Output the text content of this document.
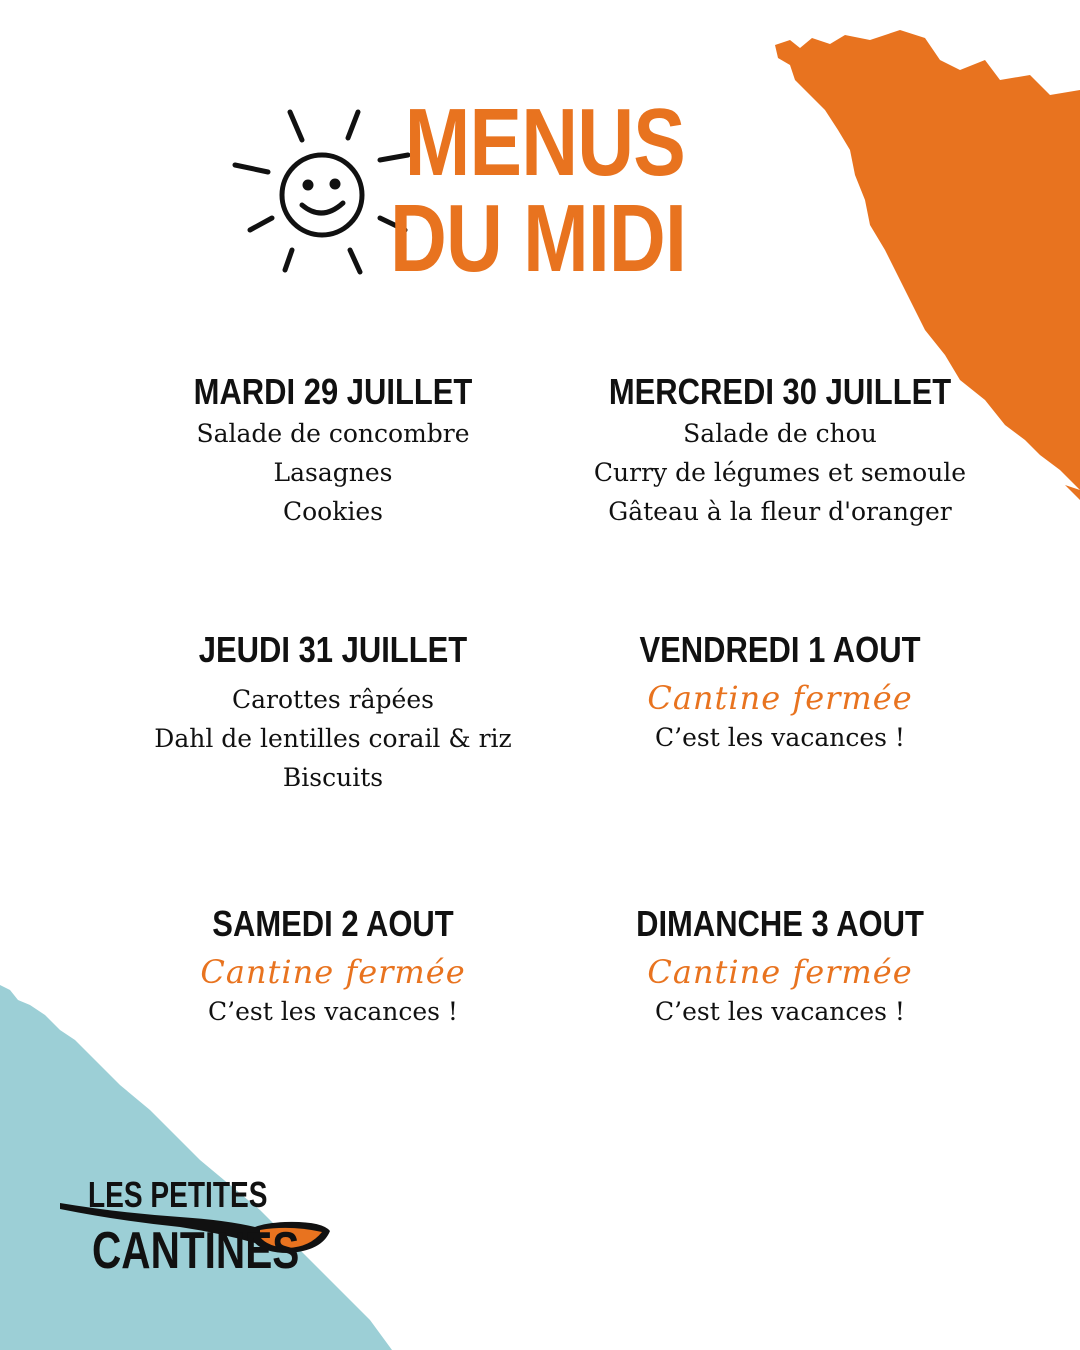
MENUS
DU MIDI
MARDI 29 JUILLET
Salade de concombre
Lasagnes
Cookies
MERCREDI 30 JUILLET
Salade de chou
Curry de légumes et semoule
Gâteau à la fleur d'oranger
JEUDI 31 JUILLET
Carottes râpées
Dahl de lentilles corail & riz
Biscuits
VENDREDI 1 AOUT
Cantine fermée
C’est les vacances !
SAMEDI 2 AOUT
Cantine fermée
C’est les vacances !
DIMANCHE 3 AOUT
Cantine fermée
C’est les vacances !
LES PETITES
CANTINES
